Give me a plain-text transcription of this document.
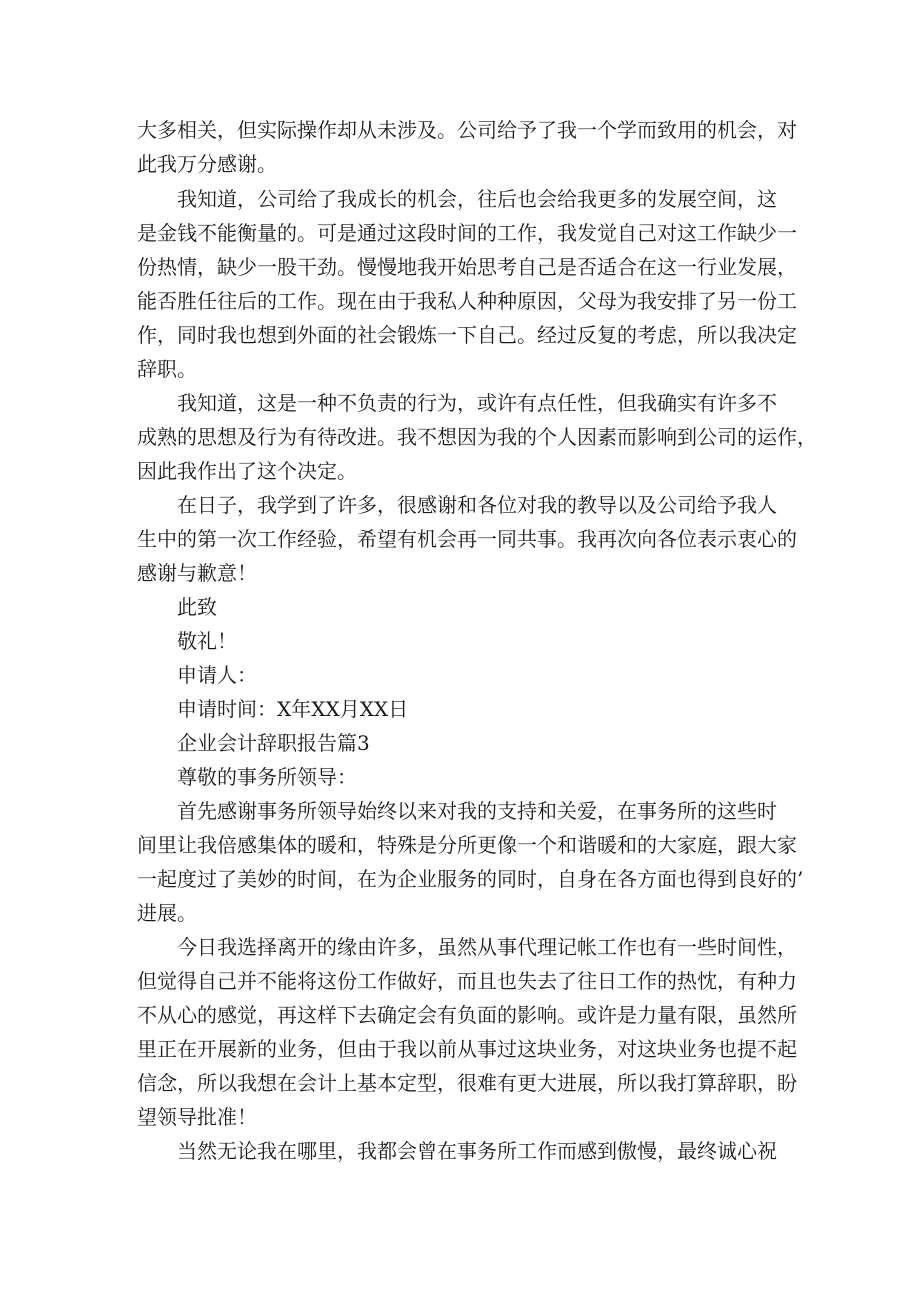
大多相关，但实际操作却从未涉及。公司给予了我一个学而致用的机会，对
此我万分感谢。
我知道，公司给了我成长的机会，往后也会给我更多的发展空间，这
是金钱不能衡量的。可是通过这段时间的工作，我发觉自己对这工作缺少一
份热情，缺少一股干劲。慢慢地我开始思考自己是否适合在这一行业发展，
能否胜任往后的工作。现在由于我私人种种原因，父母为我安排了另一份工
作，同时我也想到外面的社会锻炼一下自己。经过反复的考虑，所以我决定
辞职。
我知道，这是一种不负责的行为，或许有点任性，但我确实有许多不
成熟的思想及行为有待改进。我不想因为我的个人因素而影响到公司的运作，
因此我作出了这个决定。
在日子，我学到了许多，很感谢和各位对我的教导以及公司给予我人
生中的第一次工作经验，希望有机会再一同共事。我再次向各位表示衷心的
感谢与歉意！
此致
敬礼！
申请人：
申请时间：X年XX月XX日
企业会计辞职报告篇3
尊敬的事务所领导：
首先感谢事务所领导始终以来对我的支持和关爱，在事务所的这些时
间里让我倍感集体的暖和，特殊是分所更像一个和谐暖和的大家庭，跟大家
一起度过了美妙的时间，在为企业服务的同时，自身在各方面也得到良好的’
进展。
今日我选择离开的缘由许多，虽然从事代理记帐工作也有一些时间性，
但觉得自己并不能将这份工作做好，而且也失去了往日工作的热忱，有种力
不从心的感觉，再这样下去确定会有负面的影响。或许是力量有限，虽然所
里正在开展新的业务，但由于我以前从事过这块业务，对这块业务也提不起
信念，所以我想在会计上基本定型，很难有更大进展，所以我打算辞职，盼
望领导批准！
当然无论我在哪里，我都会曾在事务所工作而感到傲慢，最终诚心祝
